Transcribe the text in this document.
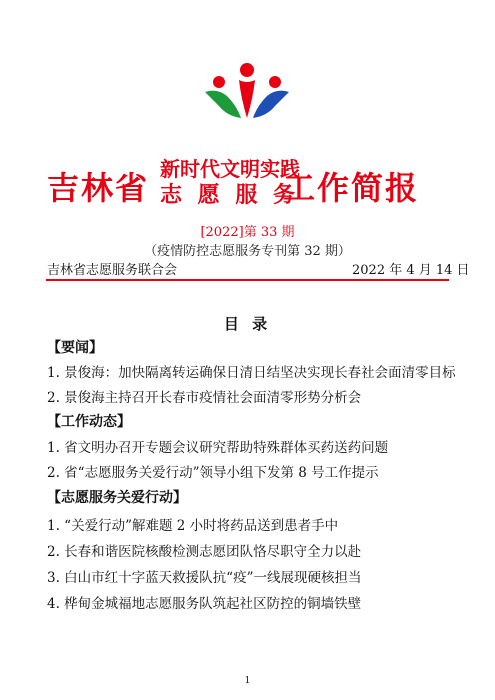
吉林省 新时代文明实践
志 愿 服 务
工作简报
[2022]第 33 期
（疫情防控志愿服务专刊第 32 期）
吉林省志愿服务联合会	2022 年 4 月 14 日
目 录
【要闻】
1. 景俊海：加快隔离转运确保日清日结坚决实现长春社会面清零目标
2. 景俊海主持召开长春市疫情社会面清零形势分析会
【工作动态】
1. 省文明办召开专题会议研究帮助特殊群体买药送药问题
2. 省“志愿服务关爱行动”领导小组下发第 8 号工作提示
【志愿服务关爱行动】
1. “关爱行动”解难题 2 小时将药品送到患者手中
2. 长春和谐医院核酸检测志愿团队恪尽职守全力以赴
3. 白山市红十字蓝天救援队抗“疫”一线展现硬核担当
4. 桦甸金城福地志愿服务队筑起社区防控的铜墙铁壁
1
